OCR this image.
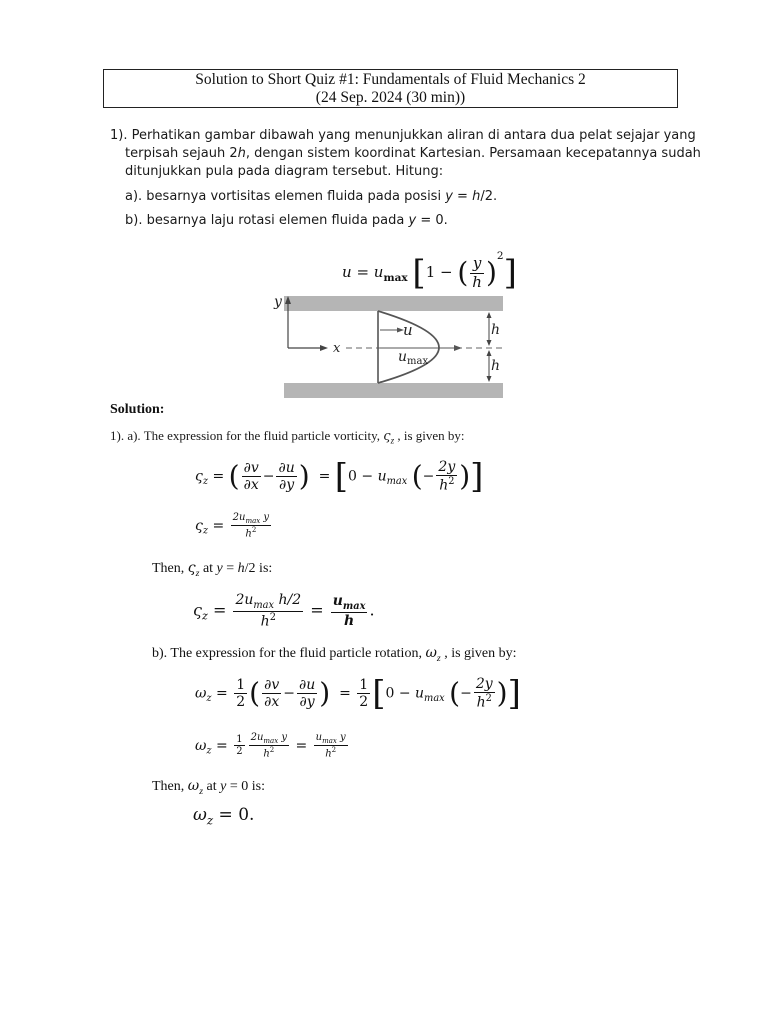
Solution to Short Quiz #1: Fundamentals of Fluid Mechanics 2
(24 Sep. 2024 (30 min))
1). Perhatikan gambar dibawah yang menunjukkan aliran di antara dua pelat sejajar yang
terpisah sejauh 2h, dengan sistem koordinat Kartesian. Persamaan kecepatannya sudah
ditunjukkan pula pada diagram tersebut. Hitung:
a). besarnya vortisitas elemen fluida pada posisi y = h/2.
b). besarnya laju rotasi elemen fluida pada y = 0.
$u = u_{max}$ [1 − ( $\frac{y}{h} )^2$]
y
x
u
$u_{max}$
h
h
Solution:
1). a). The expression for the fluid particle vorticity, $\varsigma_z$ , is given by:
$\varsigma_z$ = ( $\frac{\partial v}{\partial x} - \frac{\partial u}{\partial y}$ )  = [$0 - u_{max}$ (− $\frac{2y}{h^2}$ )]
$\varsigma_z = \frac{2u_{max} y}{h^2}$
Then, $\varsigma_z$ at y = h/2 is:
$\varsigma_z = \frac{2u_{max} h/2}{h^2} = \frac{u_{max}}{h}$ .
b). The expression for the fluid particle rotation, $\omega_z$ , is given by:
$\omega_z = \frac{1}{2}$ ( $\frac{\partial v}{\partial x} - \frac{\partial u}{\partial y}$ )  = $\frac{1}{2} [0 - u_{max}$ (− $\frac{2y}{h^2}$ )]
$\omega_z = \frac{1}{2} \frac{2u_{max} y}{h^2} = \frac{u_{max} y}{h^2}$
Then, $\omega_z$ at y = 0 is:
$\omega_z = 0$.
